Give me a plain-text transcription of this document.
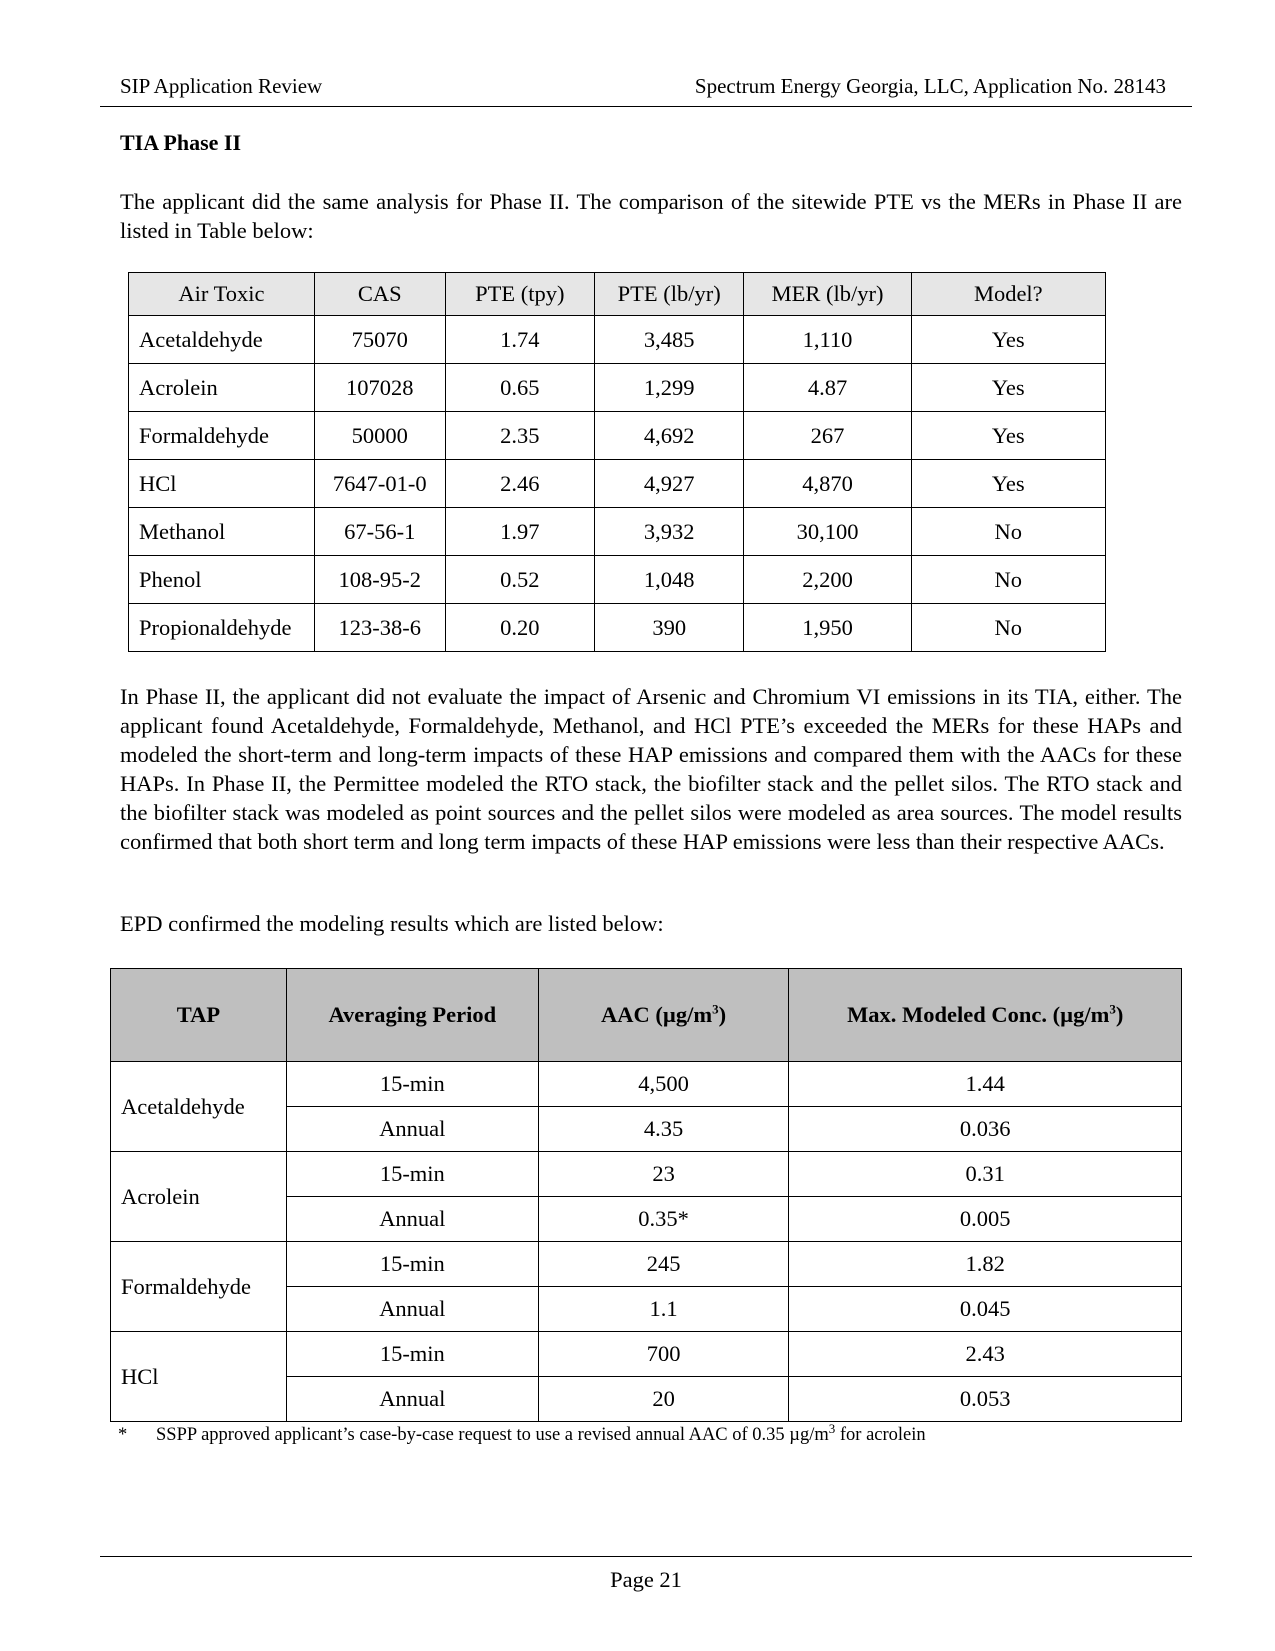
SIP Application Review	Spectrum Energy Georgia, LLC, Application No. 28143
TIA Phase II
The applicant did the same analysis for Phase II. The comparison of the sitewide PTE vs the MERs in Phase II are listed in Table below:
Air Toxic	CAS	PTE (tpy)	PTE (lb/yr)	MER (lb/yr)	Model?
Acetaldehyde	75070	1.74	3,485	1,110	Yes
Acrolein	107028	0.65	1,299	4.87	Yes
Formaldehyde	50000	2.35	4,692	267	Yes
HCl	7647-01-0	2.46	4,927	4,870	Yes
Methanol	67-56-1	1.97	3,932	30,100	No
Phenol	108-95-2	0.52	1,048	2,200	No
Propionaldehyde	123-38-6	0.20	390	1,950	No
In Phase II, the applicant did not evaluate the impact of Arsenic and Chromium VI emissions in its TIA, either. The applicant found Acetaldehyde, Formaldehyde, Methanol, and HCl PTE’s exceeded the MERs for these HAPs and modeled the short-term and long-term impacts of these HAP emissions and compared them with the AACs for these HAPs. In Phase II, the Permittee modeled the RTO stack, the biofilter stack and the pellet silos. The RTO stack and the biofilter stack was modeled as point sources and the pellet silos were modeled as area sources. The model results confirmed that both short term and long term impacts of these HAP emissions were less than their respective AACs.
EPD confirmed the modeling results which are listed below:
TAP	Averaging Period	AAC $(\mu g/m^3)$	Max. Modeled Conc. $(\mu g/m^3)$
Acetaldehyde	15-min	4,500	1.44
	Annual	4.35	0.036
Acrolein	15-min	23	0.31
	Annual	0.35*	0.005
Formaldehyde	15-min	245	1.82
	Annual	1.1	0.045
HCl	15-min	700	2.43
	Annual	20	0.053
* SSPP approved applicant’s case-by-case request to use a revised annual AAC of 0.35 $\mu g/m^3$ for acrolein
Page 21
